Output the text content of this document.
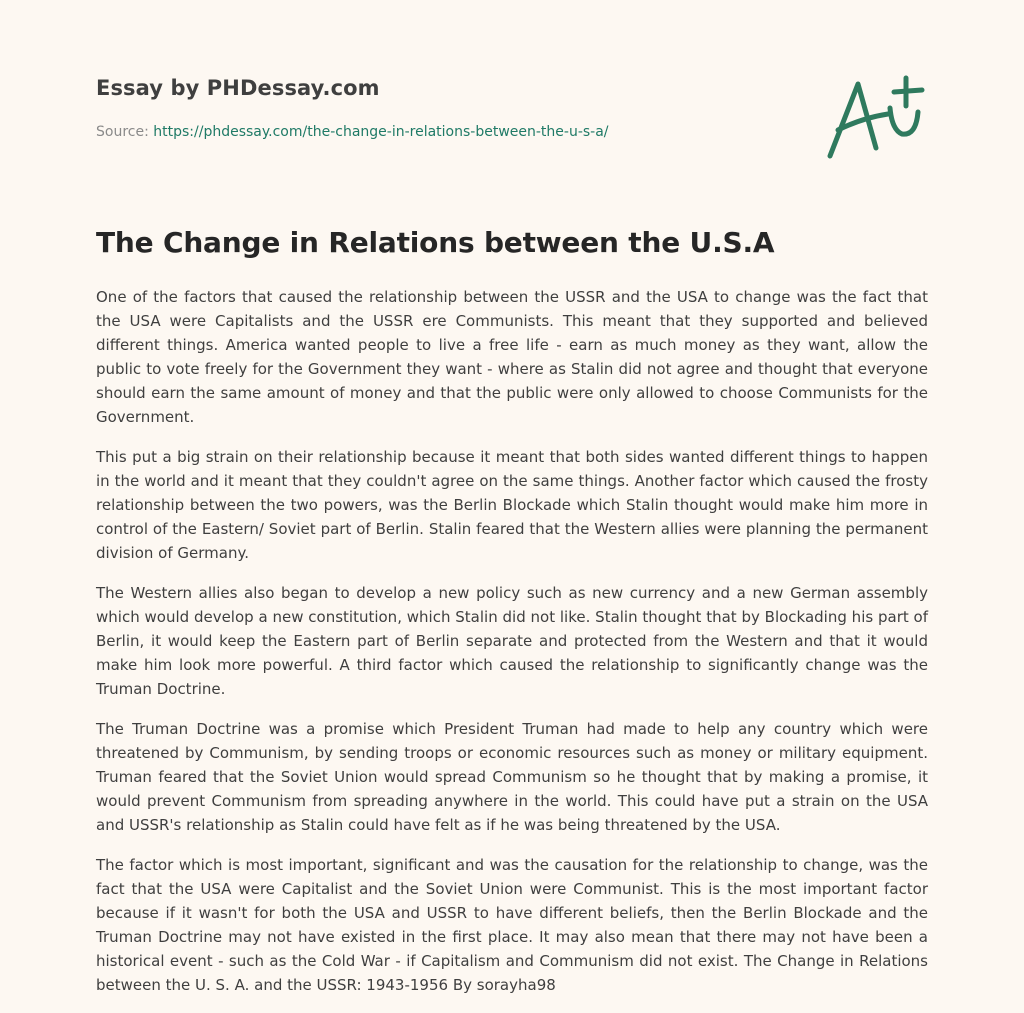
Essay by PHDessay.com
Source: https://phdessay.com/the-change-in-relations-between-the-u-s-a/
The Change in Relations between the U.S.A

One of the factors that caused the relationship between the USSR and the USA to change was the fact that the USA were Capitalists and the USSR ere Communists. This meant that they supported and believed different things. America wanted people to live a free life - earn as much money as they want, allow the public to vote freely for the Government they want - where as Stalin did not agree and thought that everyone should earn the same amount of money and that the public were only allowed to choose Communists for the Government.

This put a big strain on their relationship because it meant that both sides wanted different things to happen in the world and it meant that they couldn't agree on the same things. Another factor which caused the frosty relationship between the two powers, was the Berlin Blockade which Stalin thought would make him more in control of the Eastern/ Soviet part of Berlin. Stalin feared that the Western allies were planning the permanent division of Germany.

The Western allies also began to develop a new policy such as new currency and a new German assembly which would develop a new constitution, which Stalin did not like. Stalin thought that by Blockading his part of Berlin, it would keep the Eastern part of Berlin separate and protected from the Western and that it would make him look more powerful. A third factor which caused the relationship to significantly change was the Truman Doctrine.

The Truman Doctrine was a promise which President Truman had made to help any country which were threatened by Communism, by sending troops or economic resources such as money or military equipment. Truman feared that the Soviet Union would spread Communism so he thought that by making a promise, it would prevent Communism from spreading anywhere in the world. This could have put a strain on the USA and USSR's relationship as Stalin could have felt as if he was being threatened by the USA.

The factor which is most important, significant and was the causation for the relationship to change, was the fact that the USA were Capitalist and the Soviet Union were Communist. This is the most important factor because if it wasn't for both the USA and USSR to have different beliefs, then the Berlin Blockade and the Truman Doctrine may not have existed in the first place. It may also mean that there may not have been a historical event - such as the Cold War - if Capitalism and Communism did not exist. The Change in Relations between the U. S. A. and the USSR: 1943-1956 By sorayha98
